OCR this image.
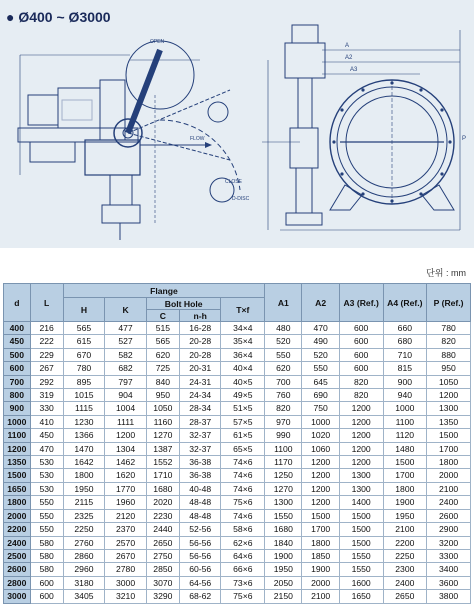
● Ø400 ~ Ø3000
FLOW
OPEN
CLOSE
D-DISC
A
A2
A3
P
단위 : mm
d	L	Flange					A1	A2	A3 (Ref.)	A4 (Ref.)	P (Ref.)
		H	K	Bolt Hole		T×f					
				C	n-h						
400	216	565	477	515	16-28	34×4	480	470	600	660	780
450	222	615	527	565	20-28	35×4	520	490	600	680	820
500	229	670	582	620	20-28	36×4	550	520	600	710	880
600	267	780	682	725	20-31	40×4	620	550	600	815	950
700	292	895	797	840	24-31	40×5	700	645	820	900	1050
800	319	1015	904	950	24-34	49×5	760	690	820	940	1200
900	330	1115	1004	1050	28-34	51×5	820	750	1200	1000	1300
1000	410	1230	1111	1160	28-37	57×5	970	1000	1200	1100	1350
1100	450	1366	1200	1270	32-37	61×5	990	1020	1200	1120	1500
1200	470	1470	1304	1387	32-37	65×5	1100	1060	1200	1480	1700
1350	530	1642	1462	1552	36-38	74×6	1170	1200	1200	1500	1800
1500	530	1800	1620	1710	36-38	74×6	1250	1200	1300	1700	2000
1650	530	1950	1770	1680	40-48	74×6	1270	1200	1300	1800	2100
1800	550	2115	1960	2020	48-48	75×6	1300	1200	1400	1900	2400
2000	550	2325	2120	2230	48-48	74×6	1550	1500	1500	1950	2600
2200	550	2250	2370	2440	52-56	58×6	1680	1700	1500	2100	2900
2400	580	2760	2570	2650	56-56	62×6	1840	1800	1500	2200	3200
2500	580	2860	2670	2750	56-56	64×6	1900	1850	1550	2250	3300
2600	580	2960	2780	2850	60-56	66×6	1950	1900	1550	2300	3400
2800	600	3180	3000	3070	64-56	73×6	2050	2000	1600	2400	3600
3000	600	3405	3210	3290	68-62	75×6	2150	2100	1650	2650	3800
